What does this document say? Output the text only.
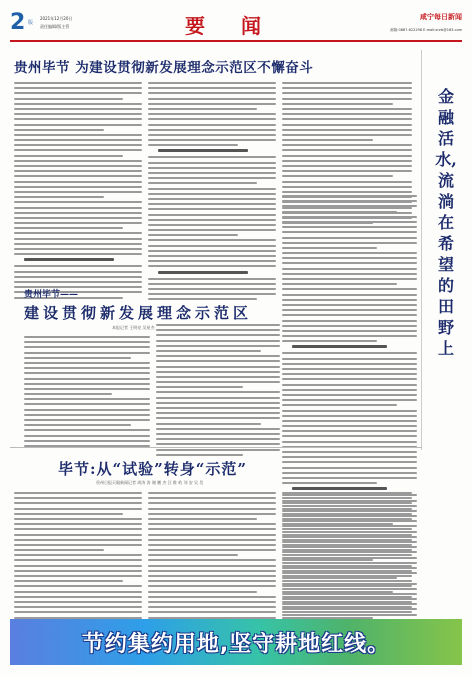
2 版
2021年12月20日
责任编辑/版主管	要闻	咸宁每日新闻
邮箱:0887-622298 E-mail:xnrb@163.com
贵州毕节 为建设贯彻新发展理念示范区不懈奋斗
金融活水,流淌在希望的田野上
贵州毕节——
建设贯彻新发展理念示范区
本报记者 王明亮 吴星杰
毕节:从“试验”转身“示范”
贵州日报天眼新闻记者 周涛 涛 谢 鹏 杰 汪 维 屿 刘 安 吴 昊
节约集约用地,坚守耕地红线。
